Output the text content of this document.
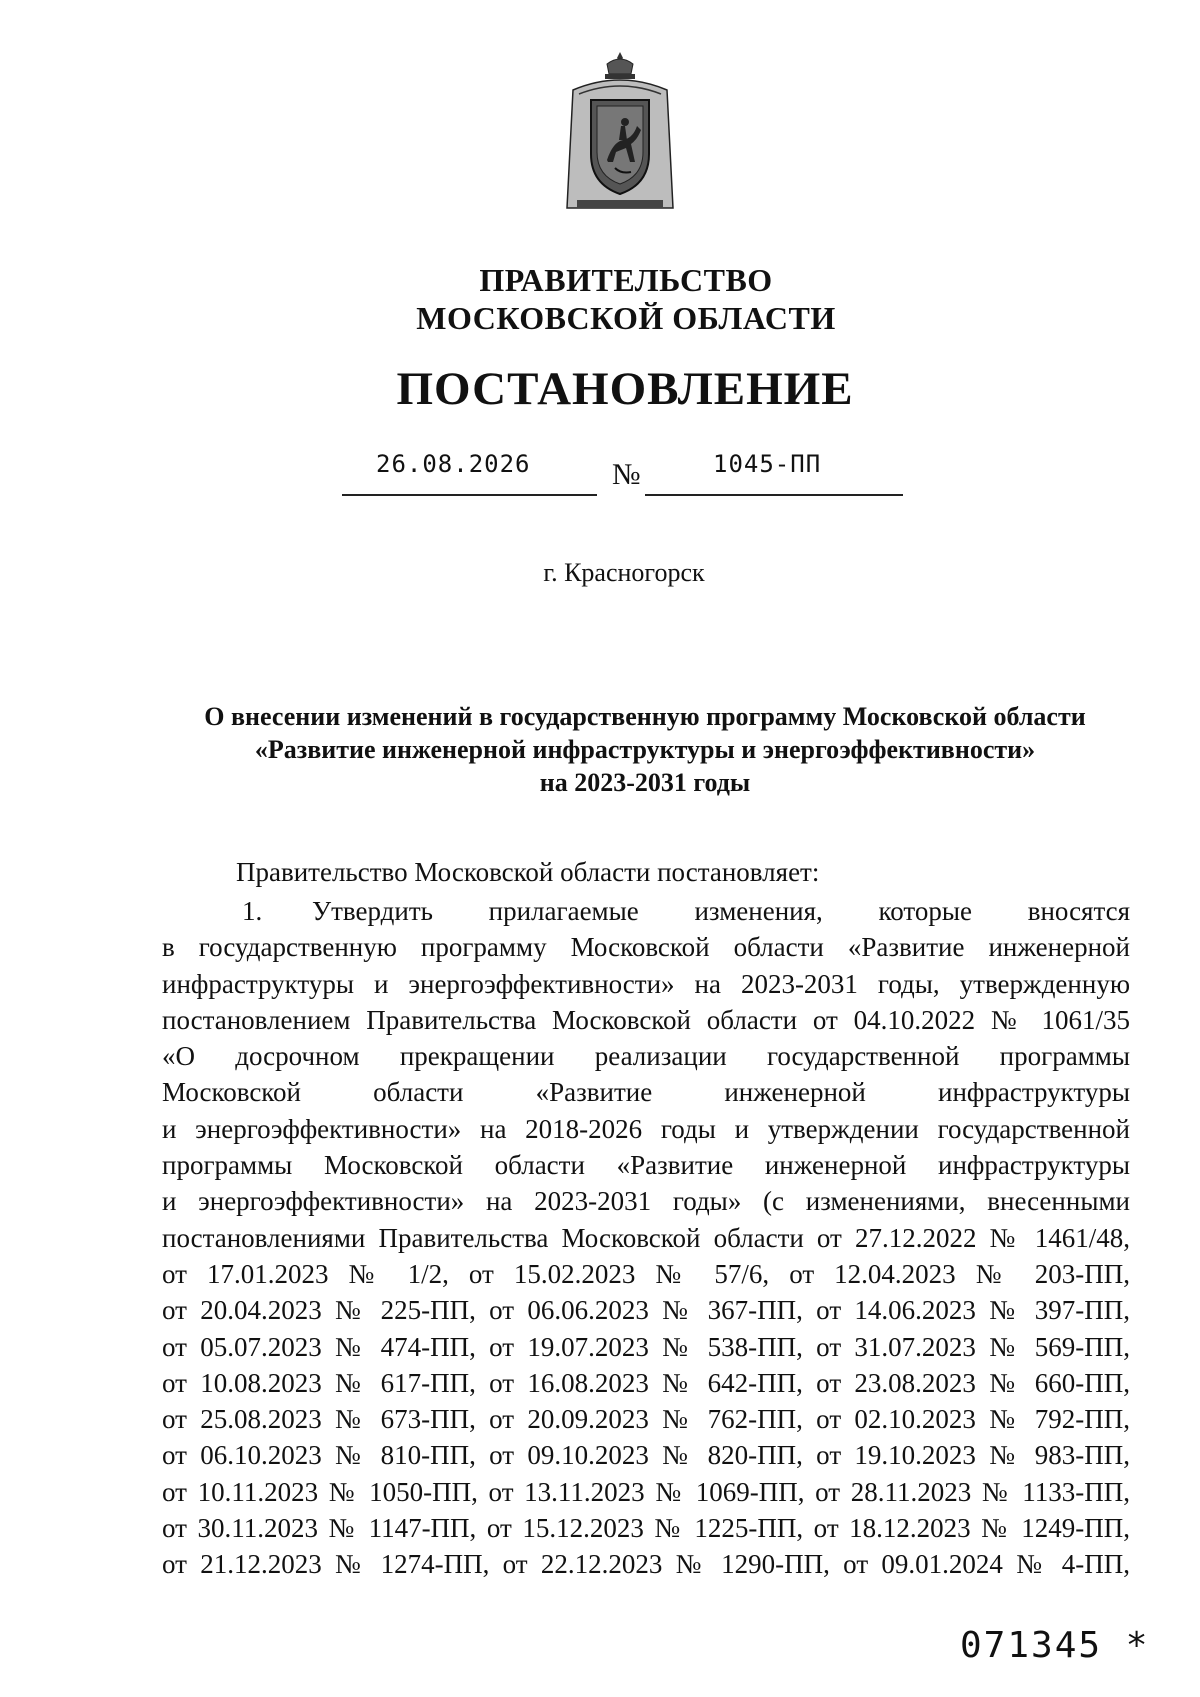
ПРАВИТЕЛЬСТВО
МОСКОВСКОЙ ОБЛАСТИ
ПОСТАНОВЛЕНИЕ
26.08.2026	№	1045-ПП
г. Красногорск
О внесении изменений в государственную программу Московской области
«Развитие инженерной инфраструктуры и энергоэффективности»
на 2023-2031 годы
Правительство Московской области постановляет:
1. Утвердить прилагаемые изменения, которые вносятся
в государственную программу Московской области «Развитие инженерной
инфраструктуры и энергоэффективности» на 2023-2031 годы, утвержденную
постановлением Правительства Московской области от 04.10.2022 № 1061/35
«О досрочном прекращении реализации государственной программы
Московской области «Развитие инженерной инфраструктуры
и энергоэффективности» на 2018-2026 годы и утверждении государственной
программы Московской области «Развитие инженерной инфраструктуры
и энергоэффективности» на 2023-2031 годы» (с изменениями, внесенными
постановлениями Правительства Московской области от 27.12.2022 № 1461/48,
от 17.01.2023 № 1/2, от 15.02.2023 № 57/6, от 12.04.2023 № 203-ПП,
от 20.04.2023 № 225-ПП, от 06.06.2023 № 367-ПП, от 14.06.2023 № 397-ПП,
от 05.07.2023 № 474-ПП, от 19.07.2023 № 538-ПП, от 31.07.2023 № 569-ПП,
от 10.08.2023 № 617-ПП, от 16.08.2023 № 642-ПП, от 23.08.2023 № 660-ПП,
от 25.08.2023 № 673-ПП, от 20.09.2023 № 762-ПП, от 02.10.2023 № 792-ПП,
от 06.10.2023 № 810-ПП, от 09.10.2023 № 820-ПП, от 19.10.2023 № 983-ПП,
от 10.11.2023 № 1050-ПП, от 13.11.2023 № 1069-ПП, от 28.11.2023 № 1133-ПП,
от 30.11.2023 № 1147-ПП, от 15.12.2023 № 1225-ПП, от 18.12.2023 № 1249-ПП,
от 21.12.2023 № 1274-ПП, от 22.12.2023 № 1290-ПП, от 09.01.2024 № 4-ПП,
071345 *
